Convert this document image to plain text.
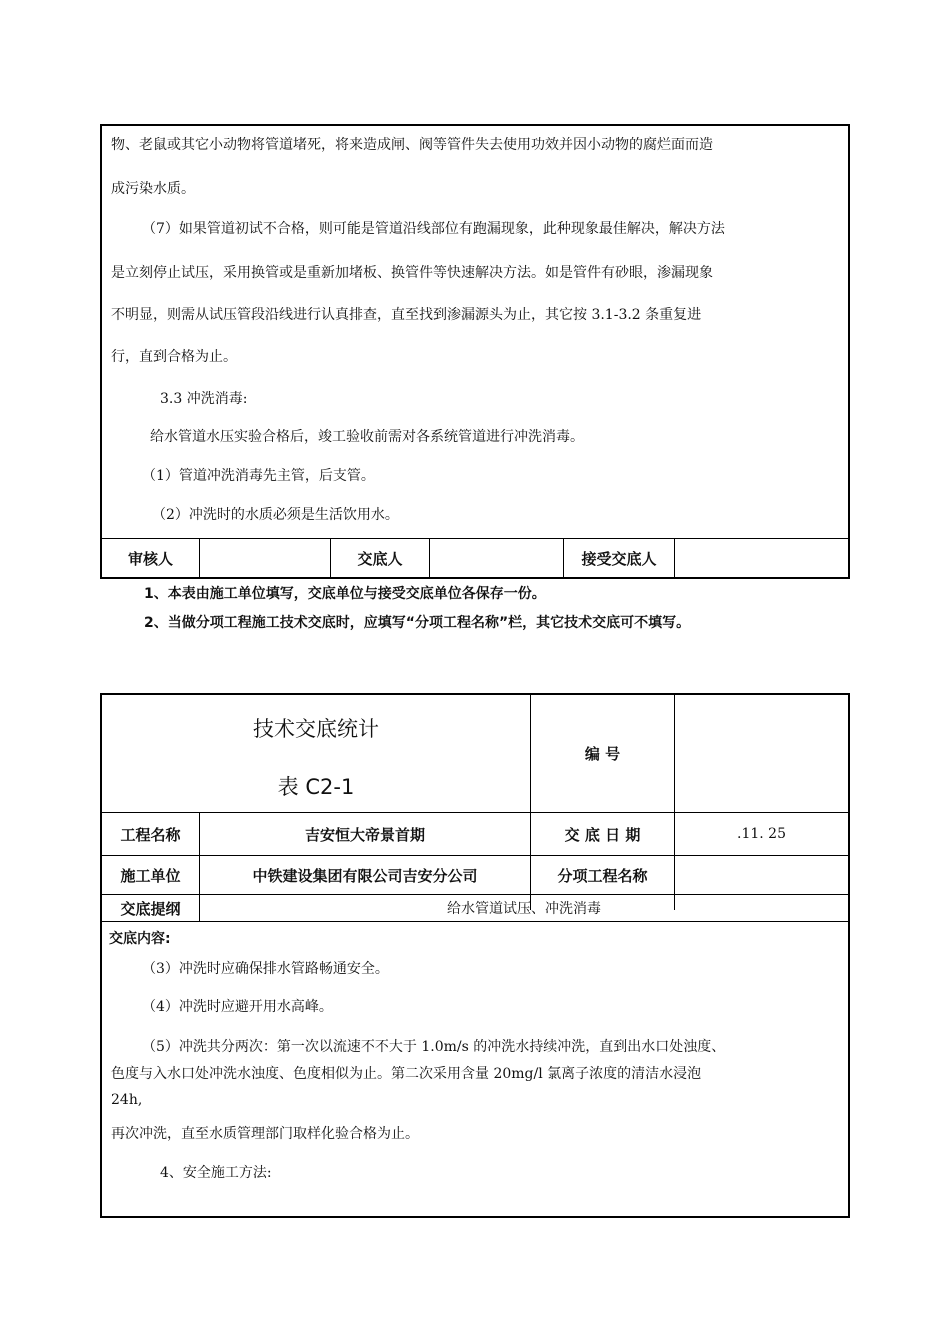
物、老鼠或其它小动物将管道堵死，将来造成闸、阀等管件失去使用功效并因小动物的腐烂面而造
成污染水质。
（7）如果管道初试不合格，则可能是管道沿线部位有跑漏现象，此种现象最佳解决，解决方法
是立刻停止试压，采用换管或是重新加堵板、换管件等快速解决方法。如是管件有砂眼，渗漏现象
不明显，则需从试压管段沿线进行认真排查，直至找到渗漏源头为止，其它按 3.1-3.2 条重复进
行，直到合格为止。
3.3 冲洗消毒:
给水管道水压实验合格后，竣工验收前需对各系统管道进行冲洗消毒。
（1）管道冲洗消毒先主管，后支管。
（2）冲洗时的水质必须是生活饮用水。
审核人	交底人	接受交底人
1、本表由施工单位填写，交底单位与接受交底单位各保存一份。
2、当做分项工程施工技术交底时，应填写“分项工程名称”栏，其它技术交底可不填写。
技术交底统计
表 C2-1
编 号
工程名称	吉安恒大帝景首期	交 底 日 期	.11. 25
施工单位	中铁建设集团有限公司吉安分公司	分项工程名称
交底提纲	给水管道试压、冲洗消毒
交底内容:
（3）冲洗时应确保排水管路畅通安全。
（4）冲洗时应避开用水高峰。
（5）冲洗共分两次：第一次以流速不不大于 1.0m/s 的冲洗水持续冲洗，直到出水口处浊度、
色度与入水口处冲洗水浊度、色度相似为止。第二次采用含量 20mg/l 氯离子浓度的清洁水浸泡
24h,
再次冲洗，直至水质管理部门取样化验合格为止。
4、安全施工方法:
